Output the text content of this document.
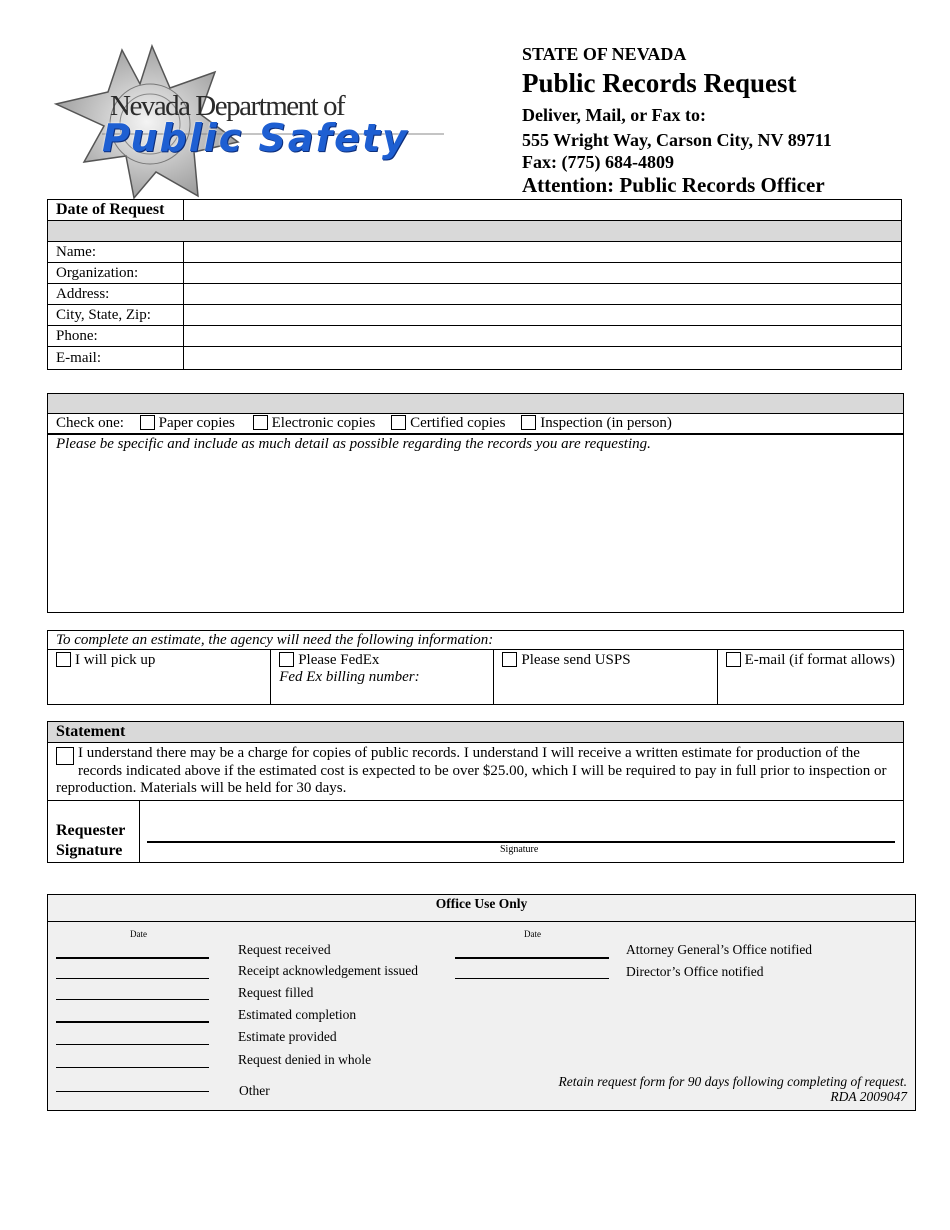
Nevada Department of
Public Safety
STATE OF NEVADA
Public Records Request
Deliver, Mail, or Fax to:
555 Wright Way, Carson City, NV 89711
Fax: (775) 684-4809
Attention: Public Records Officer
Date of Request	

Name:	
Organization:	
Address:	
City, State, Zip:	
Phone:	
E-mail:	
Check one: Paper copies Electronic copies Certified copies Inspection (in person)
Please be specific and include as much detail as possible regarding the records you are requesting.
To complete an estimate, the agency will need the following information:
I will pick up	Please FedEx
Fed Ex billing number:
Please send USPS	E-mail (if format allows)
Statement
I understand there may be a charge for copies of public records. I understand I will receive a written estimate for production of the records indicated above if the estimated cost is expected to be over $25.00, which I will be required to pay in full prior to inspection or reproduction. Materials will be held for 30 days.
Requester
Signature	Signature
Office Use Only
Date	Date
Request received
Receipt acknowledgement issued
Request filled
Estimated completion
Estimate provided
Request denied in whole
Other
Attorney General’s Office notified
Director’s Office notified
Retain request form for 90 days following completing of request.
RDA 2009047
